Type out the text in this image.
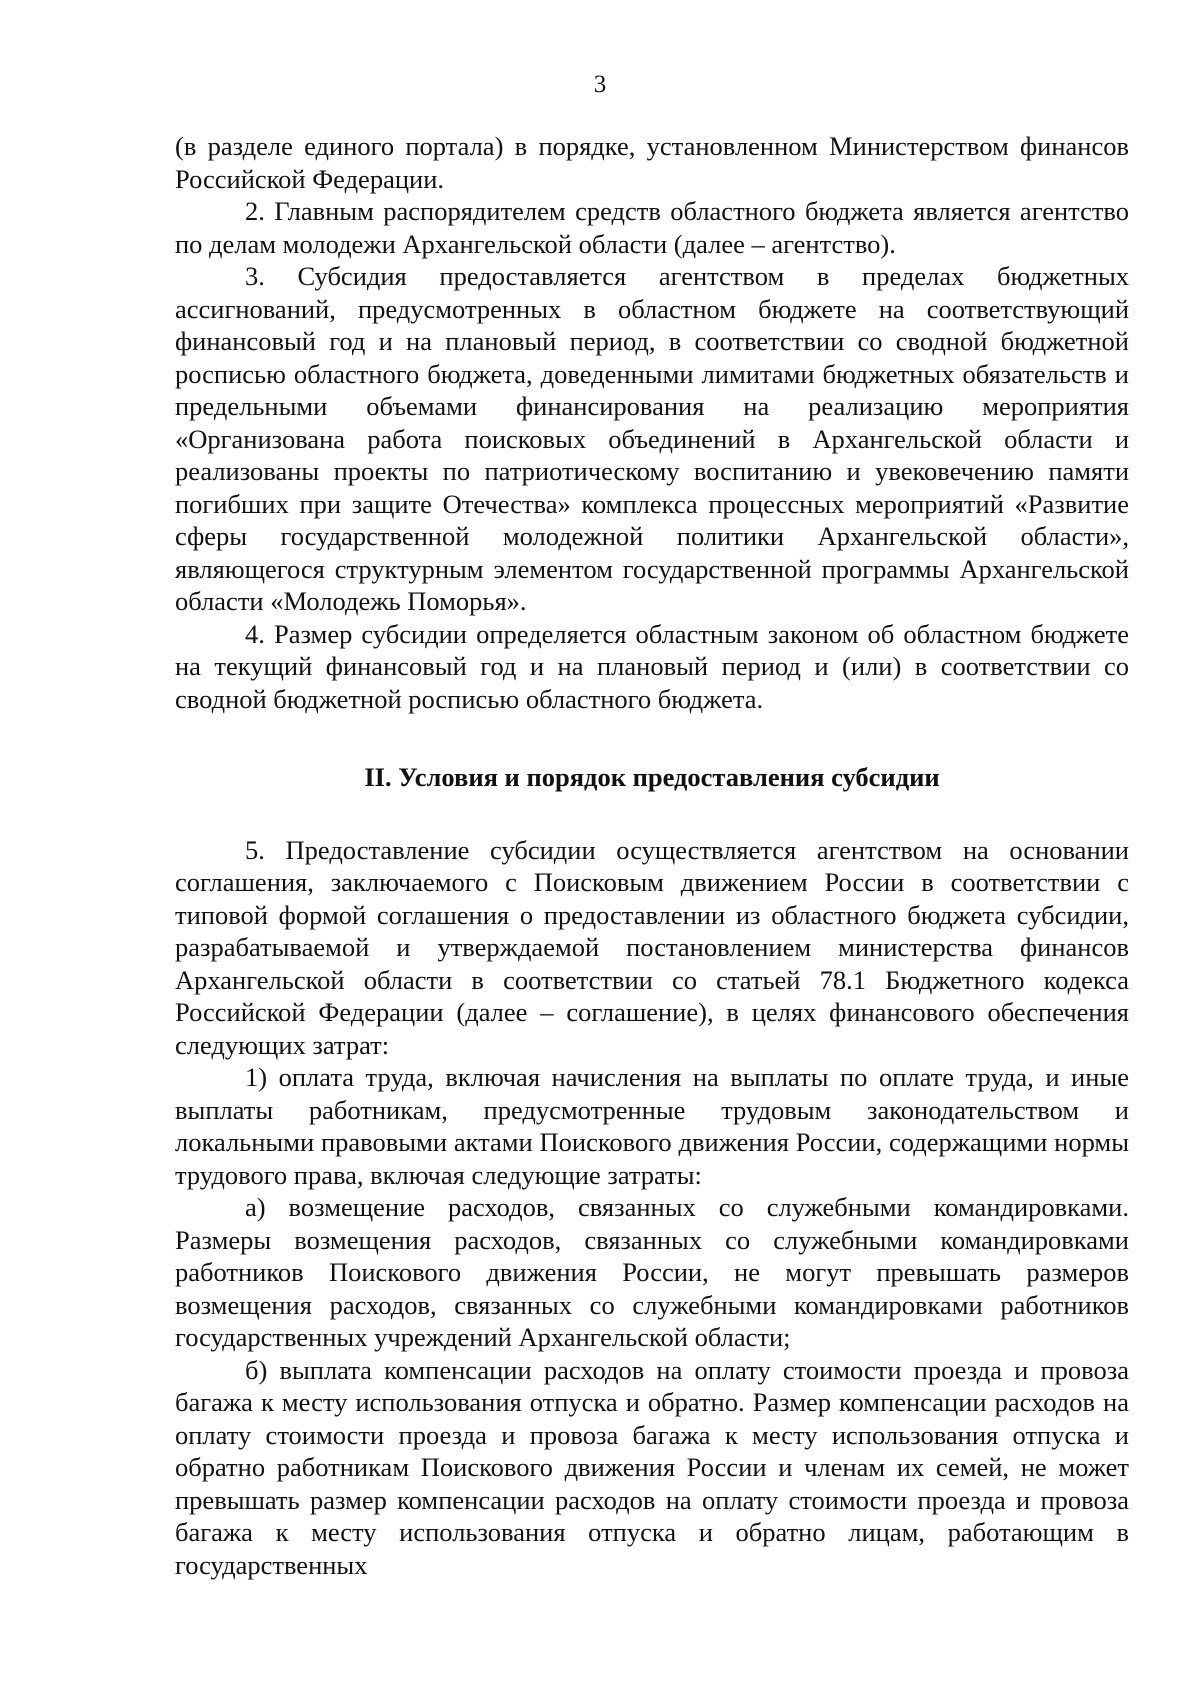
3

(в разделе единого портала) в порядке, установленном Министерством финансов Российской Федерации.

2. Главным распорядителем средств областного бюджета является агентство по делам молодежи Архангельской области (далее – агентство).

3. Субсидия предоставляется агентством в пределах бюджетных ассигнований, предусмотренных в областном бюджете на соответствующий финансовый год и на плановый период, в соответствии со сводной бюджетной росписью областного бюджета, доведенными лимитами бюджетных обязательств и предельными объемами финансирования на реализацию мероприятия «Организована работа поисковых объединений в Архангельской области и реализованы проекты по патриотическому воспитанию и увековечению памяти погибших при защите Отечества» комплекса процессных мероприятий «Развитие сферы государственной молодежной политики Архангельской области», являющегося структурным элементом государственной программы Архангельской области «Молодежь Поморья».

4. Размер субсидии определяется областным законом об областном бюджете на текущий финансовый год и на плановый период и (или) в соответствии со сводной бюджетной росписью областного бюджета.

II. Условия и порядок предоставления субсидии

5. Предоставление субсидии осуществляется агентством на основании соглашения, заключаемого с Поисковым движением России в соответствии с типовой формой соглашения о предоставлении из областного бюджета субсидии, разрабатываемой и утверждаемой постановлением министерства финансов Архангельской области в соответствии со статьей 78.1 Бюджетного кодекса Российской Федерации (далее – соглашение), в целях финансового обеспечения следующих затрат:

1) оплата труда, включая начисления на выплаты по оплате труда, и иные выплаты работникам, предусмотренные трудовым законодательством и локальными правовыми актами Поискового движения России, содержащими нормы трудового права, включая следующие затраты:

а) возмещение расходов, связанных со служебными командировками. Размеры возмещения расходов, связанных со служебными командировками работников Поискового движения России, не могут превышать размеров возмещения расходов, связанных со служебными командировками работников государственных учреждений Архангельской области;

б) выплата компенсации расходов на оплату стоимости проезда и провоза багажа к месту использования отпуска и обратно. Размер компенсации расходов на оплату стоимости проезда и провоза багажа к месту использования отпуска и обратно работникам Поискового движения России и членам их семей, не может превышать размер компенсации расходов на оплату стоимости проезда и провоза багажа к месту использования отпуска и обратно лицам, работающим в государственных
